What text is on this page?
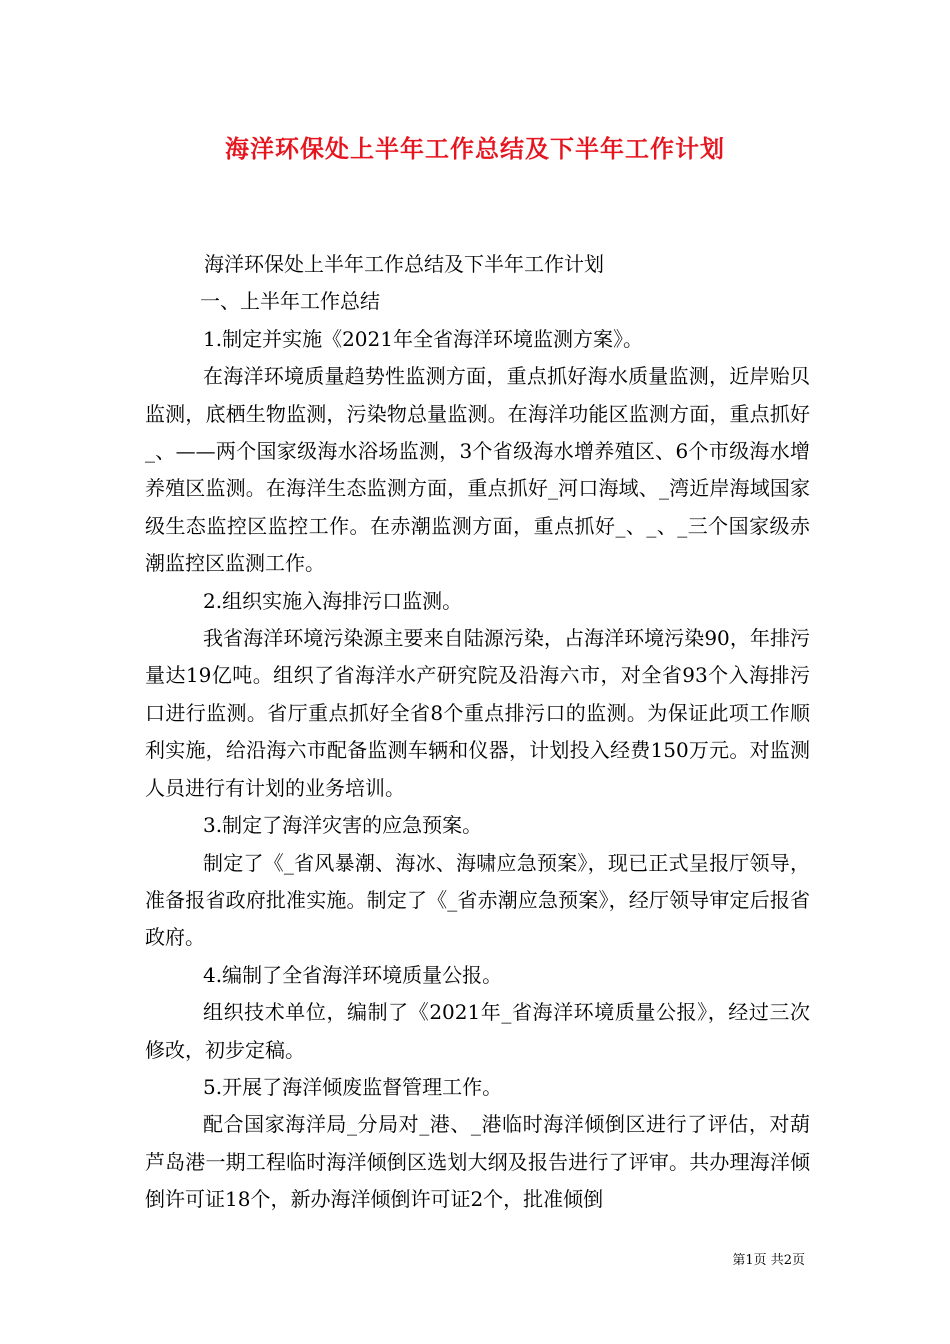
海洋环保处上半年工作总结及下半年工作计划

海洋环保处上半年工作总结及下半年工作计划

一、上半年工作总结

1.制定并实施《2021年全省海洋环境监测方案》。

在海洋环境质量趋势性监测方面，重点抓好海水质量监测，近岸贻贝监测，底栖生物监测，污染物总量监测。在海洋功能区监测方面，重点抓好_、——两个国家级海水浴场监测，3个省级海水增养殖区、6个市级海水增养殖区监测。在海洋生态监测方面，重点抓好_河口海域、_湾近岸海域国家级生态监控区监控工作。在赤潮监测方面，重点抓好_、_、_三个国家级赤潮监控区监测工作。

2.组织实施入海排污口监测。

我省海洋环境污染源主要来自陆源污染，占海洋环境污染90，年排污量达19亿吨。组织了省海洋水产研究院及沿海六市，对全省93个入海排污口进行监测。省厅重点抓好全省8个重点排污口的监测。为保证此项工作顺利实施，给沿海六市配备监测车辆和仪器，计划投入经费150万元。对监测人员进行有计划的业务培训。

3.制定了海洋灾害的应急预案。

制定了《_省风暴潮、海冰、海啸应急预案》，现已正式呈报厅领导，准备报省政府批准实施。制定了《_省赤潮应急预案》，经厅领导审定后报省政府。

4.编制了全省海洋环境质量公报。

组织技术单位，编制了《2021年_省海洋环境质量公报》，经过三次修改，初步定稿。

5.开展了海洋倾废监督管理工作。

配合国家海洋局_分局对_港、_港临时海洋倾倒区进行了评估，对葫芦岛港一期工程临时海洋倾倒区选划大纲及报告进行了评审。共办理海洋倾倒许可证18个，新办海洋倾倒许可证2个，批准倾倒

第1页 共2页
